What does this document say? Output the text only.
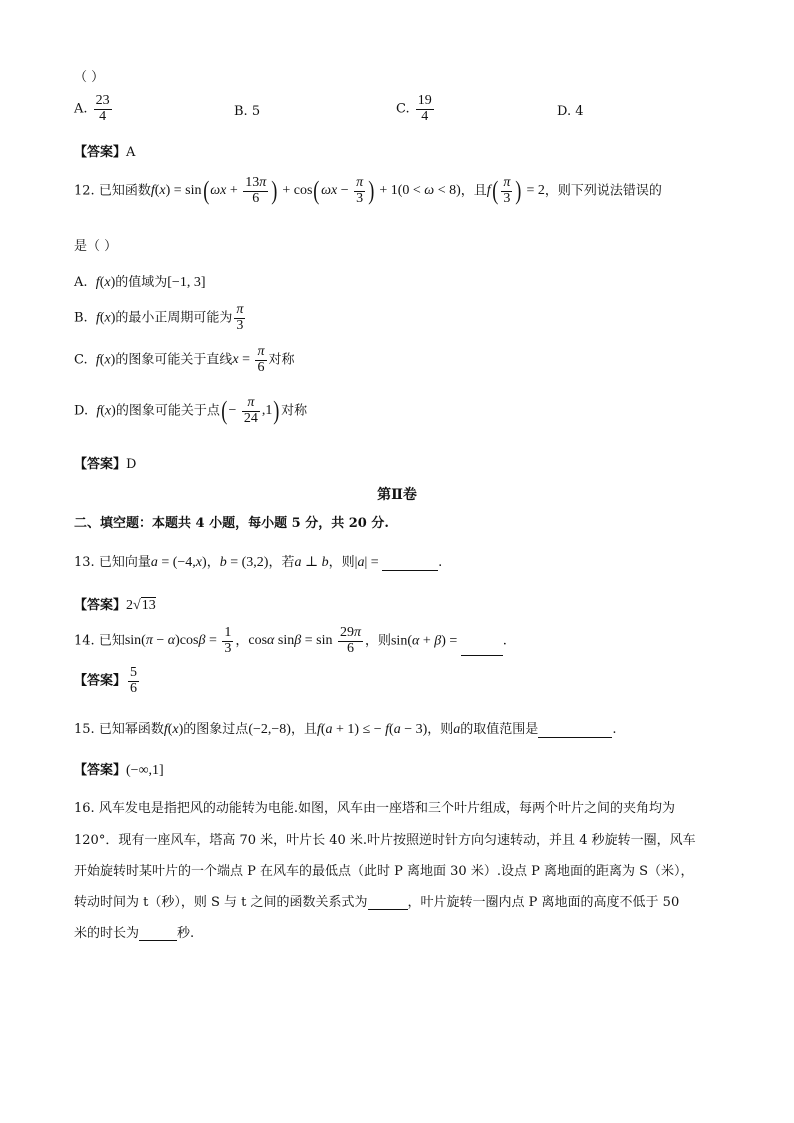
（ ）
A. $\frac{23}{4}$	B. 5	C. $\frac{19}{4}$	D. 4
【答案】A
12. 已知函数$f(x) = \sin(\omega x + \frac{13\pi}{6}$ ) + $\cos(\omega x - \frac{\pi}{3}$ ) + 1(0 < ω < 8)，且$f( \frac{\pi}{3}$ ) = 2，则下列说法错误的
是（ ）
A. f(x)的值域为[−1, 3]
B. f(x)的最小正周期可能为 $\frac{\pi}{3}$
C. f(x)的图象可能关于直线$x = \frac{\pi}{6}$ 对称
D. f(x)的图象可能关于点(− $\frac{\pi}{24} ,1$)对称
【答案】D
第Ⅱ卷
二、填空题：本题共 4 小题，每小题 5 分，共 20 分.
13. 已知向量a = (−4,x)，b = (3,2)，若a ⊥ b，则|a| =	.
【答案】2√13
14. 已知$\sin(\pi - \alpha)\cos\beta = \frac{1}{3}$ ，cosα $\sin\beta = \sin \frac{29\pi}{6}$ ，则sin(α + β) =	.
【答案】 $\frac{5}{6}$
15. 已知幂函数f(x)的图象过点(−2,−8)，且f(a + 1) ≤ − f(a − 3)，则a的取值范围是	.
【答案】(−∞,1]
16. 风车发电是指把风的动能转为电能.如图，风车由一座塔和三个叶片组成，每两个叶片之间的夹角均为
120°．现有一座风车，塔高 70 米，叶片长 40 米.叶片按照逆时针方向匀速转动，并且 4 秒旋转一圈，风车
开始旋转时某叶片的一个端点 P 在风车的最低点（此时 P 离地面 30 米）.设点 P 离地面的距离为 S（米），
转动时间为 t（秒），则 S 与 t 之间的函数关系式为	，叶片旋转一圈内点 P 离地面的高度不低于 50
米的时长为	秒.
